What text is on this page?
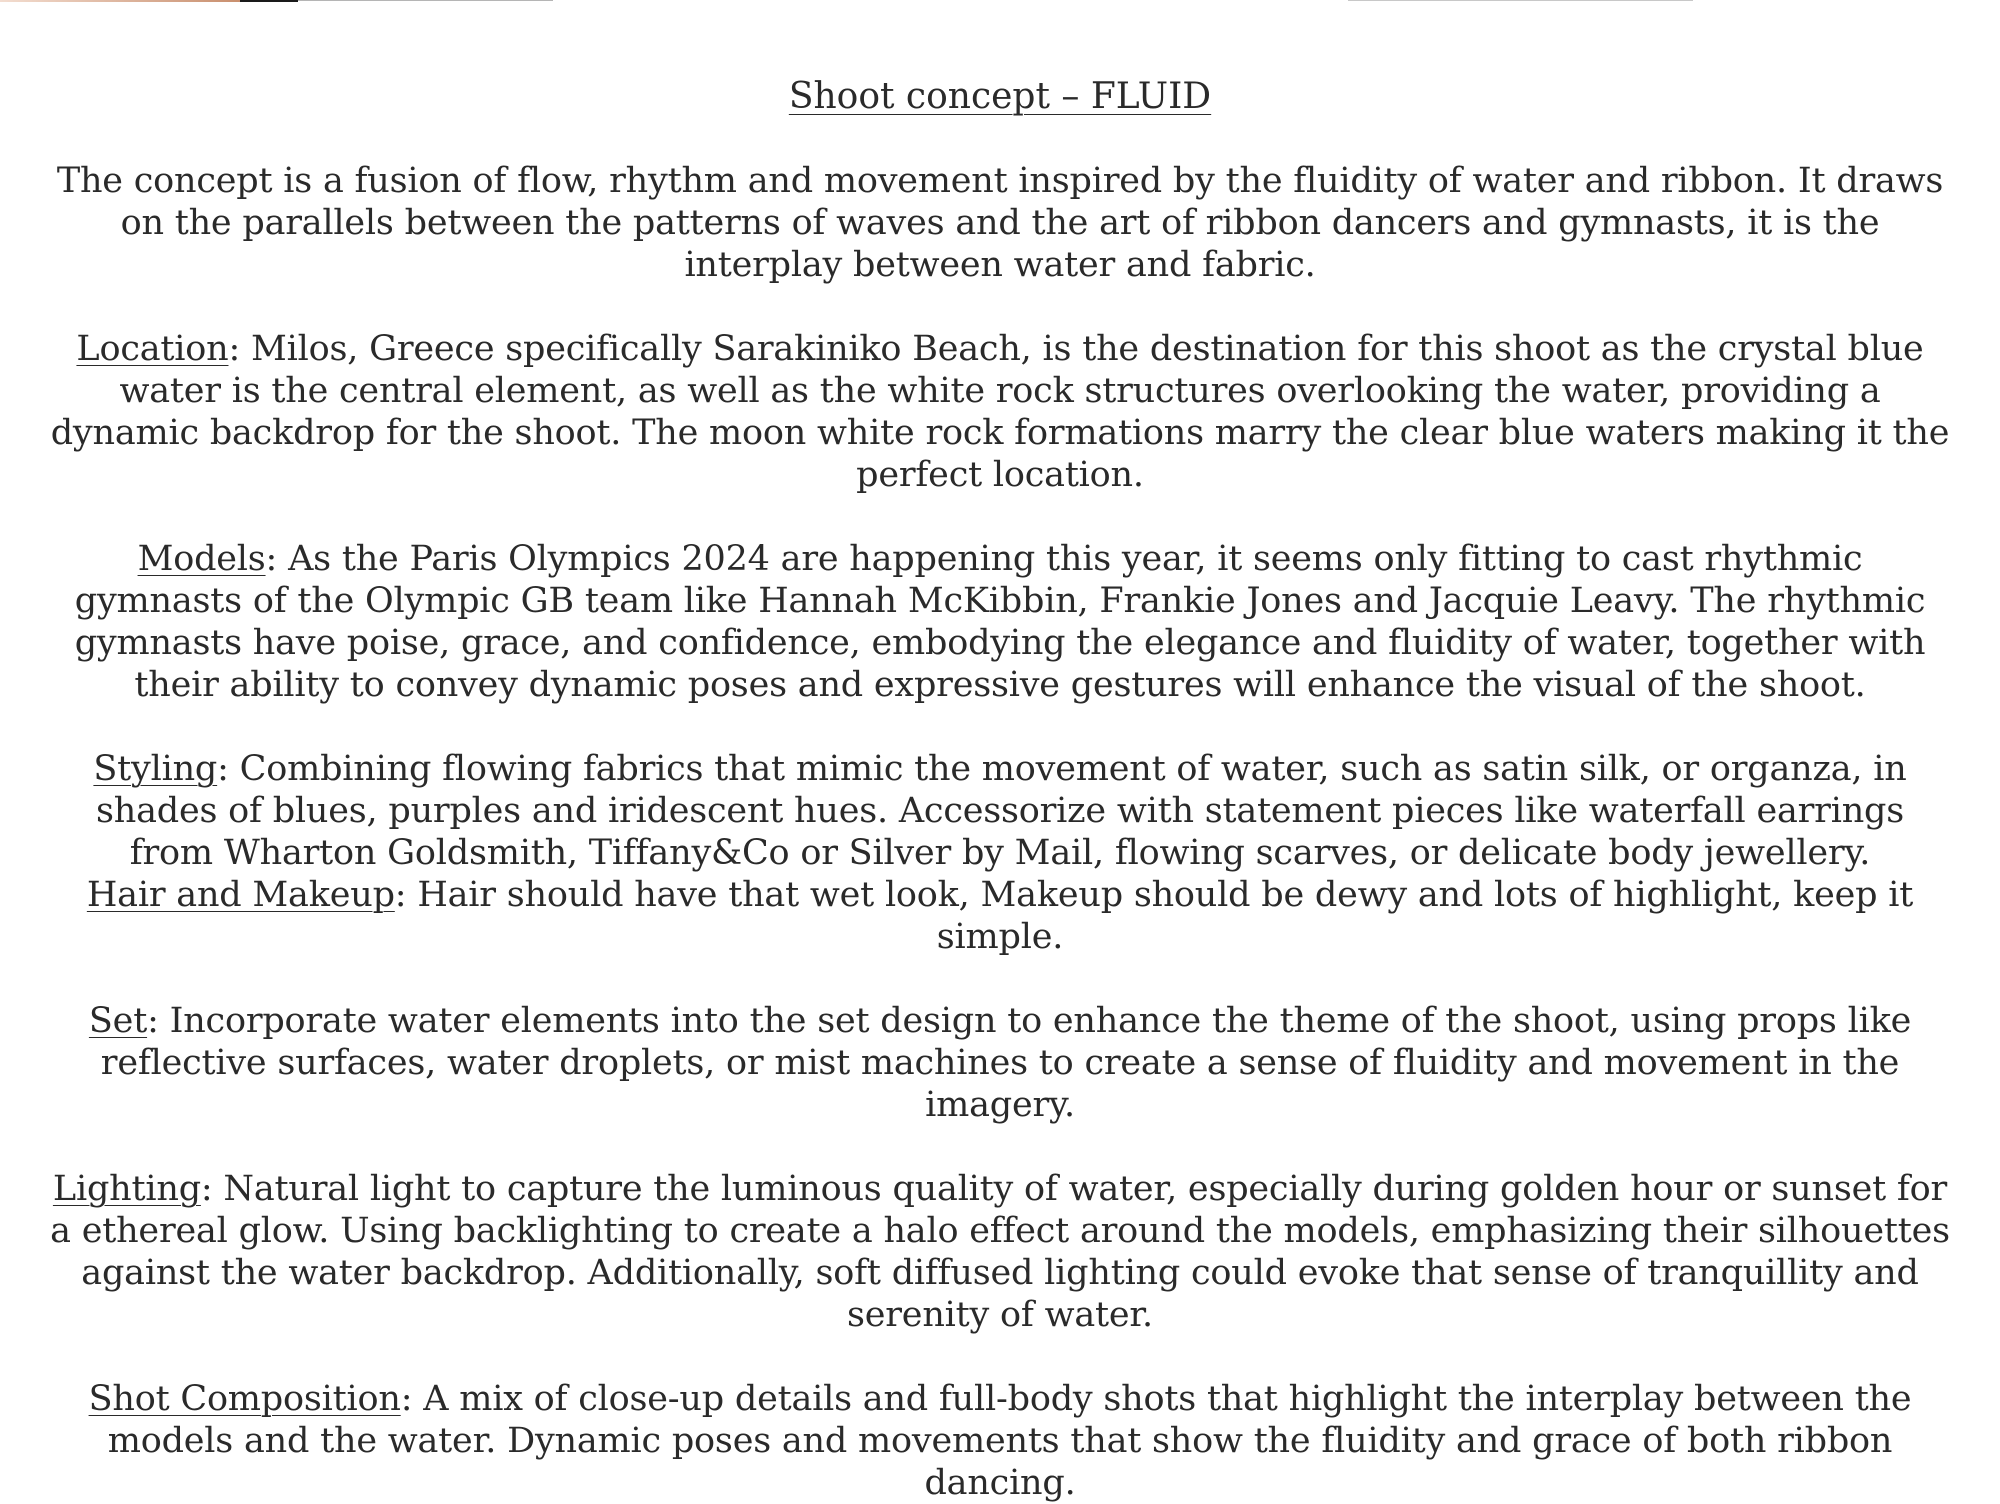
Shoot concept – FLUID

The concept is a fusion of flow, rhythm and movement inspired by the fluidity of water and ribbon. It draws on the parallels between the patterns of waves and the art of ribbon dancers and gymnasts, it is the interplay between water and fabric.

Location: Milos, Greece specifically Sarakiniko Beach, is the destination for this shoot as the crystal blue water is the central element, as well as the white rock structures overlooking the water, providing a dynamic backdrop for the shoot. The moon white rock formations marry the clear blue waters making it the perfect location.

Models: As the Paris Olympics 2024 are happening this year, it seems only fitting to cast rhythmic gymnasts of the Olympic GB team like Hannah McKibbin, Frankie Jones and Jacquie Leavy. The rhythmic gymnasts have poise, grace, and confidence, embodying the elegance and fluidity of water, together with their ability to convey dynamic poses and expressive gestures will enhance the visual of the shoot.

Styling: Combining flowing fabrics that mimic the movement of water, such as satin silk, or organza, in shades of blues, purples and iridescent hues. Accessorize with statement pieces like waterfall earrings from Wharton Goldsmith, Tiffany&Co or Silver by Mail, flowing scarves, or delicate body jewellery.

Hair and Makeup: Hair should have that wet look, Makeup should be dewy and lots of highlight, keep it simple.

Set: Incorporate water elements into the set design to enhance the theme of the shoot, using props like reflective surfaces, water droplets, or mist machines to create a sense of fluidity and movement in the imagery.

Lighting: Natural light to capture the luminous quality of water, especially during golden hour or sunset for a ethereal glow. Using backlighting to create a halo effect around the models, emphasizing their silhouettes against the water backdrop. Additionally, soft diffused lighting could evoke that sense of tranquillity and serenity of water.

Shot Composition: A mix of close-up details and full-body shots that highlight the interplay between the models and the water. Dynamic poses and movements that show the fluidity and grace of both ribbon dancing.
